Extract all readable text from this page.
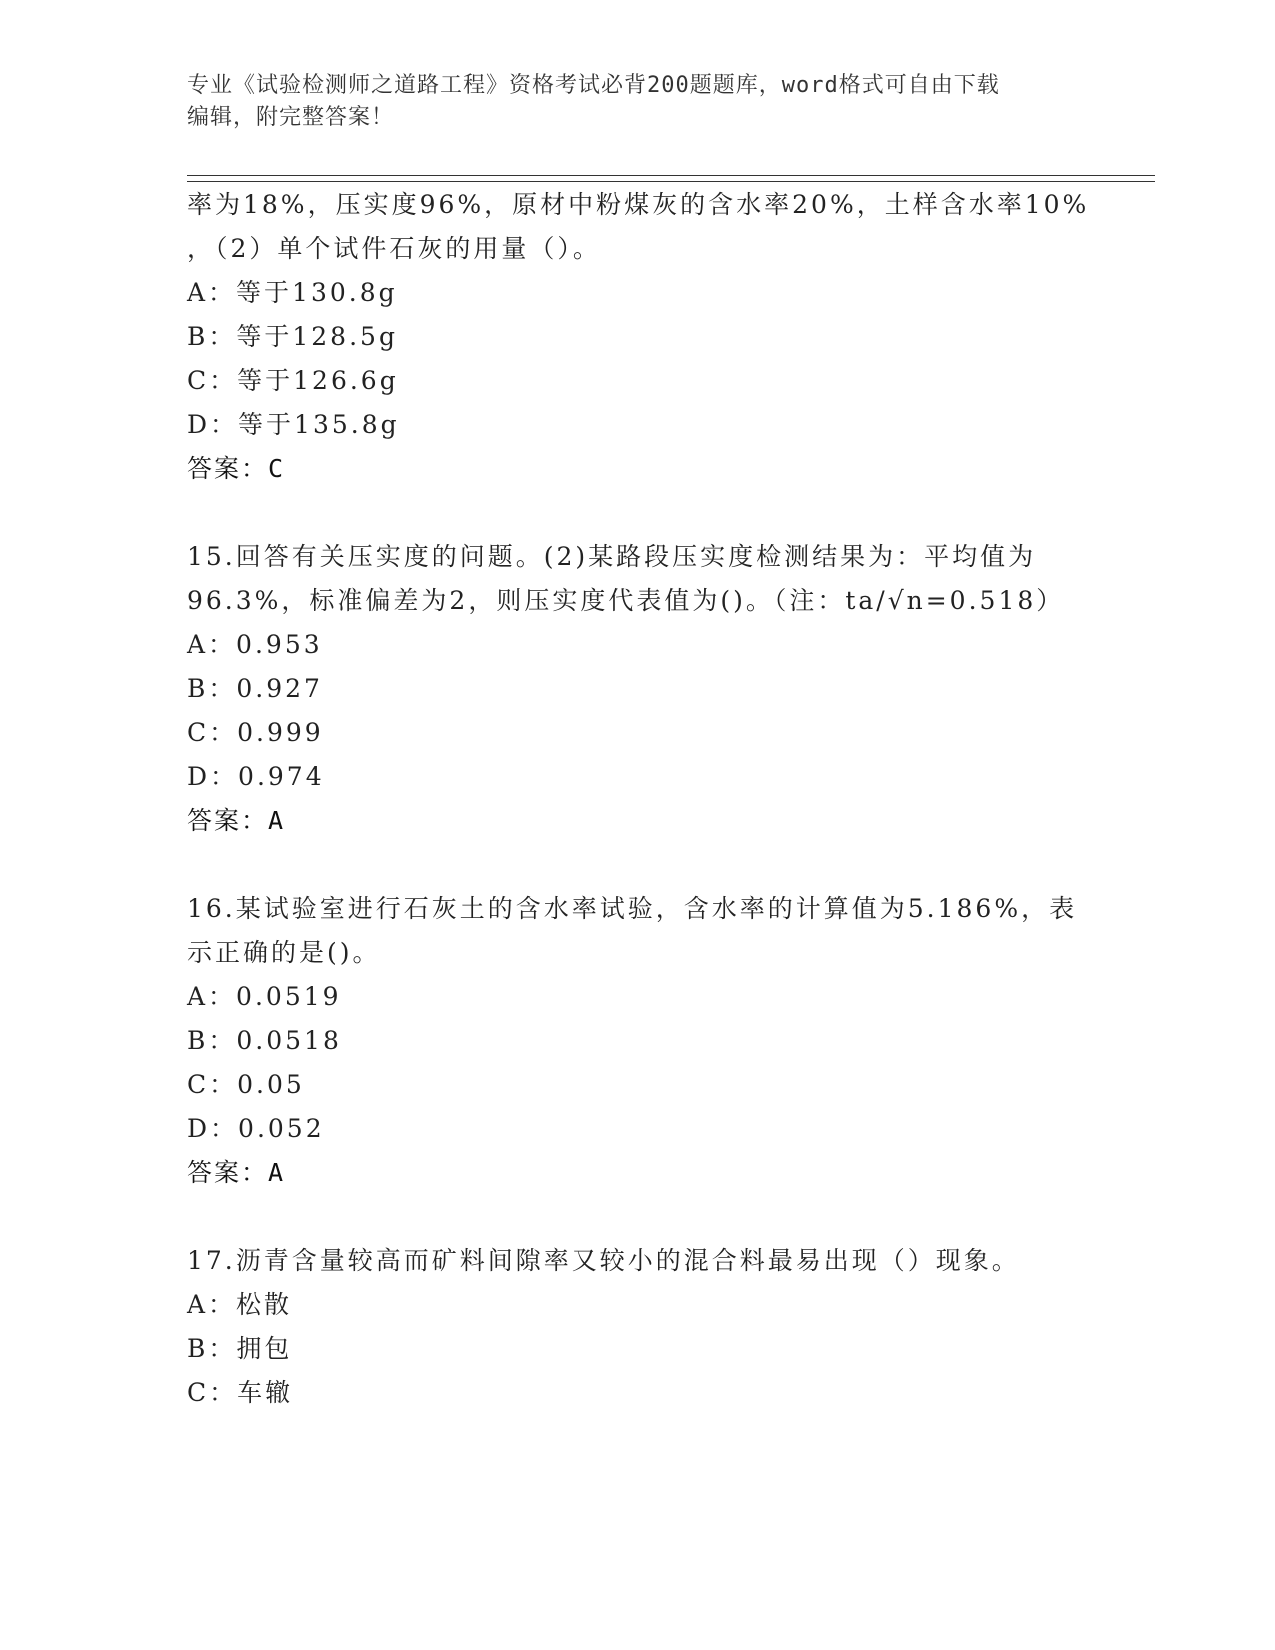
专业《试验检测师之道路工程》资格考试必背200题题库，word格式可自由下载
编辑，附完整答案！
率为18%，压实度96%，原材中粉煤灰的含水率20%，土样含水率10%
，（2）单个试件石灰的用量（）。
A：等于130.8g
B：等于128.5g
C：等于126.6g
D：等于135.8g
答案：C
15.回答有关压实度的问题。(2)某路段压实度检测结果为：平均值为
96.3%，标准偏差为2，则压实度代表值为()。（注：ta/√n=0.518）
A：0.953
B：0.927
C：0.999
D：0.974
答案：A
16.某试验室进行石灰土的含水率试验，含水率的计算值为5.186%，表
示正确的是()。
A：0.0519
B：0.0518
C：0.05
D：0.052
答案：A
17.沥青含量较高而矿料间隙率又较小的混合料最易出现（）现象。
A：松散
B：拥包
C：车辙
